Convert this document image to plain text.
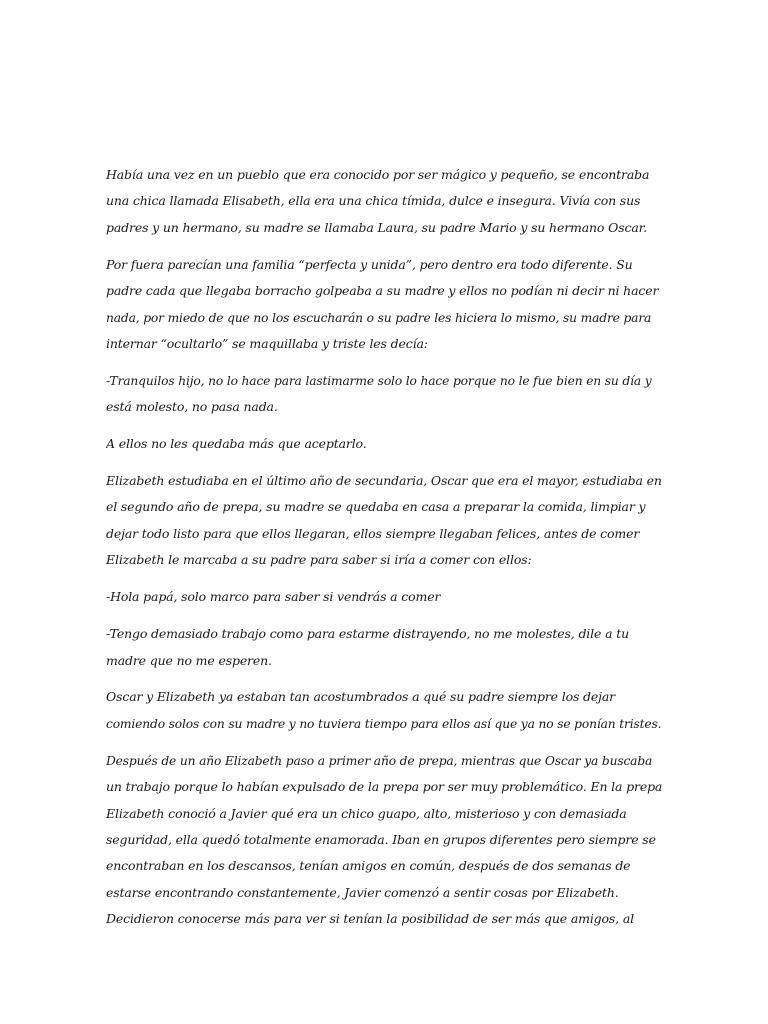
Había una vez en un pueblo que era conocido por ser mágico y pequeño, se encontraba
una chica llamada Elisabeth, ella era una chica tímida, dulce e insegura. Vivía con sus
padres y un hermano, su madre se llamaba Laura, su padre Mario y su hermano Oscar.

Por fuera parecían una familia “perfecta y unida”, pero dentro era todo diferente. Su
padre cada que llegaba borracho golpeaba a su madre y ellos no podían ni decir ni hacer
nada, por miedo de que no los escucharán o su padre les hiciera lo mismo, su madre para
internar “ocultarlo” se maquillaba y triste les decía:

-Tranquilos hijo, no lo hace para lastimarme solo lo hace porque no le fue bien en su día y
está molesto, no pasa nada.

A ellos no les quedaba más que aceptarlo.

Elizabeth estudiaba en el último año de secundaria, Oscar que era el mayor, estudiaba en
el segundo año de prepa, su madre se quedaba en casa a preparar la comida, limpiar y
dejar todo listo para que ellos llegaran, ellos siempre llegaban felices, antes de comer
Elizabeth le marcaba a su padre para saber si iría a comer con ellos:

-Hola papá, solo marco para saber si vendrás a comer

-Tengo demasiado trabajo como para estarme distrayendo, no me molestes, dile a tu
madre que no me esperen.

Oscar y Elizabeth ya estaban tan acostumbrados a qué su padre siempre los dejar
comiendo solos con su madre y no tuviera tiempo para ellos así que ya no se ponían tristes.

Después de un año Elizabeth paso a primer año de prepa, mientras que Oscar ya buscaba
un trabajo porque lo habían expulsado de la prepa por ser muy problemático. En la prepa
Elizabeth conoció a Javier qué era un chico guapo, alto, misterioso y con demasiada
seguridad, ella quedó totalmente enamorada. Iban en grupos diferentes pero siempre se
encontraban en los descansos, tenían amigos en común, después de dos semanas de
estarse encontrando constantemente, Javier comenzó a sentir cosas por Elizabeth.
Decidieron conocerse más para ver si tenían la posibilidad de ser más que amigos, al
